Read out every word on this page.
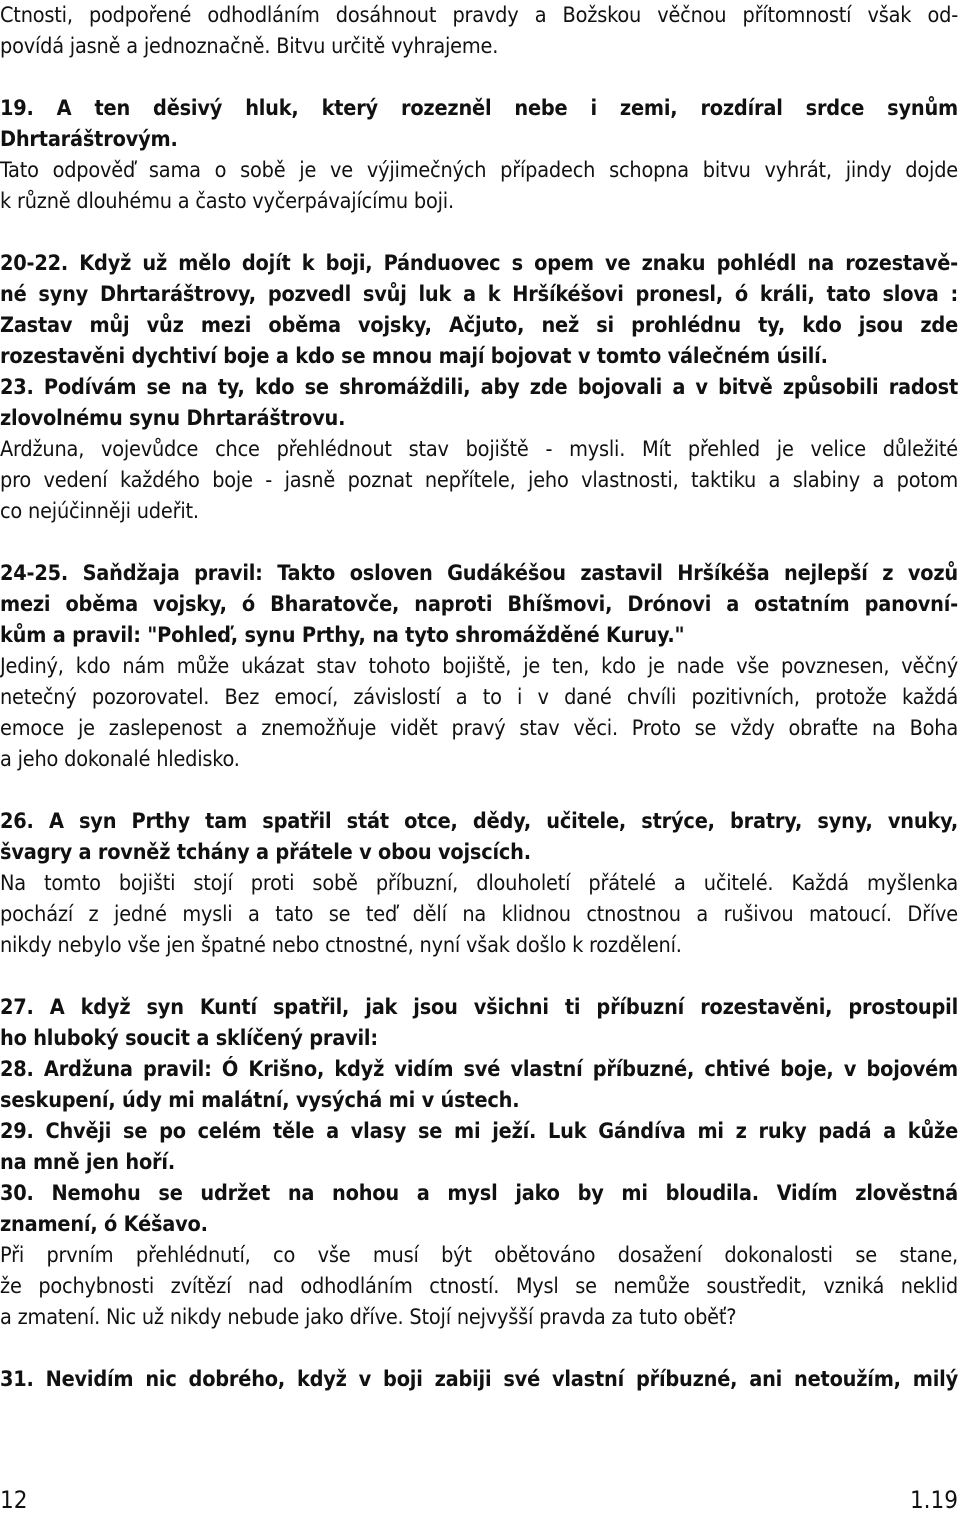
Ctnosti, podpořené odhodláním dosáhnout pravdy a Božskou věčnou přítomností však od-
povídá jasně a jednoznačně. Bitvu určitě vyhrajeme.
19. A ten děsivý hluk, který rozezněl nebe i zemi, rozdíral srdce synům
Dhrtaráštrovým.
Tato odpověď sama o sobě je ve výjimečných případech schopna bitvu vyhrát, jindy dojde
k různě dlouhému a často vyčerpávajícímu boji.
20-22. Když už mělo dojít k boji, Pánduovec s opem ve znaku pohlédl na rozestavě-
né syny Dhrtaráštrovy, pozvedl svůj luk a k Hršíkéšovi pronesl, ó králi, tato slova :
Zastav můj vůz mezi oběma vojsky, Ačjuto, než si prohlédnu ty, kdo jsou zde
rozestavěni dychtiví boje a kdo se mnou mají bojovat v tomto válečném úsilí.
23. Podívám se na ty, kdo se shromáždili, aby zde bojovali a v bitvě způsobili radost
zlovolnému synu Dhrtaráštrovu.
Ardžuna, vojevůdce chce přehlédnout stav bojiště - mysli. Mít přehled je velice důležité
pro vedení každého boje - jasně poznat nepřítele, jeho vlastnosti, taktiku a slabiny a potom
co nejúčinněji udeřit.
24-25. Saňdžaja pravil: Takto osloven Gudákéšou zastavil Hršíkéša nejlepší z vozů
mezi oběma vojsky, ó Bharatovče, naproti Bhíšmovi, Drónovi a ostatním panovní-
kům a pravil: "Pohleď, synu Prthy, na tyto shromážděné Kuruy."
Jediný, kdo nám může ukázat stav tohoto bojiště, je ten, kdo je nade vše povznesen, věčný
netečný pozorovatel. Bez emocí, závislostí a to i v dané chvíli pozitivních, protože každá
emoce je zaslepenost a znemožňuje vidět pravý stav věci. Proto se vždy obraťte na Boha
a jeho dokonalé hledisko.
26. A syn Prthy tam spatřil stát otce, dědy, učitele, strýce, bratry, syny, vnuky,
švagry a rovněž tchány a přátele v obou vojscích.
Na tomto bojišti stojí proti sobě příbuzní, dlouholetí přátelé a učitelé. Každá myšlenka
pochází z jedné mysli a tato se teď dělí na klidnou ctnostnou a rušivou matoucí. Dříve
nikdy nebylo vše jen špatné nebo ctnostné, nyní však došlo k rozdělení.
27. A když syn Kuntí spatřil, jak jsou všichni ti příbuzní rozestavěni, prostoupil
ho hluboký soucit a sklíčený pravil:
28. Ardžuna pravil: Ó Krišno, když vidím své vlastní příbuzné, chtivé boje, v bojovém
seskupení, údy mi malátní, vysýchá mi v ústech.
29. Chvěji se po celém těle a vlasy se mi ježí. Luk Gándíva mi z ruky padá a kůže
na mně jen hoří.
30. Nemohu se udržet na nohou a mysl jako by mi bloudila. Vidím zlověstná
znamení, ó Kéšavo.
Při prvním přehlédnutí, co vše musí být obětováno dosažení dokonalosti se stane,
že pochybnosti zvítězí nad odhodláním ctností. Mysl se nemůže soustředit, vzniká neklid
a zmatení. Nic už nikdy nebude jako dříve. Stojí nejvyšší pravda za tuto oběť?
31. Nevidím nic dobrého, když v boji zabiji své vlastní příbuzné, ani netoužím, milý
12	1.19
